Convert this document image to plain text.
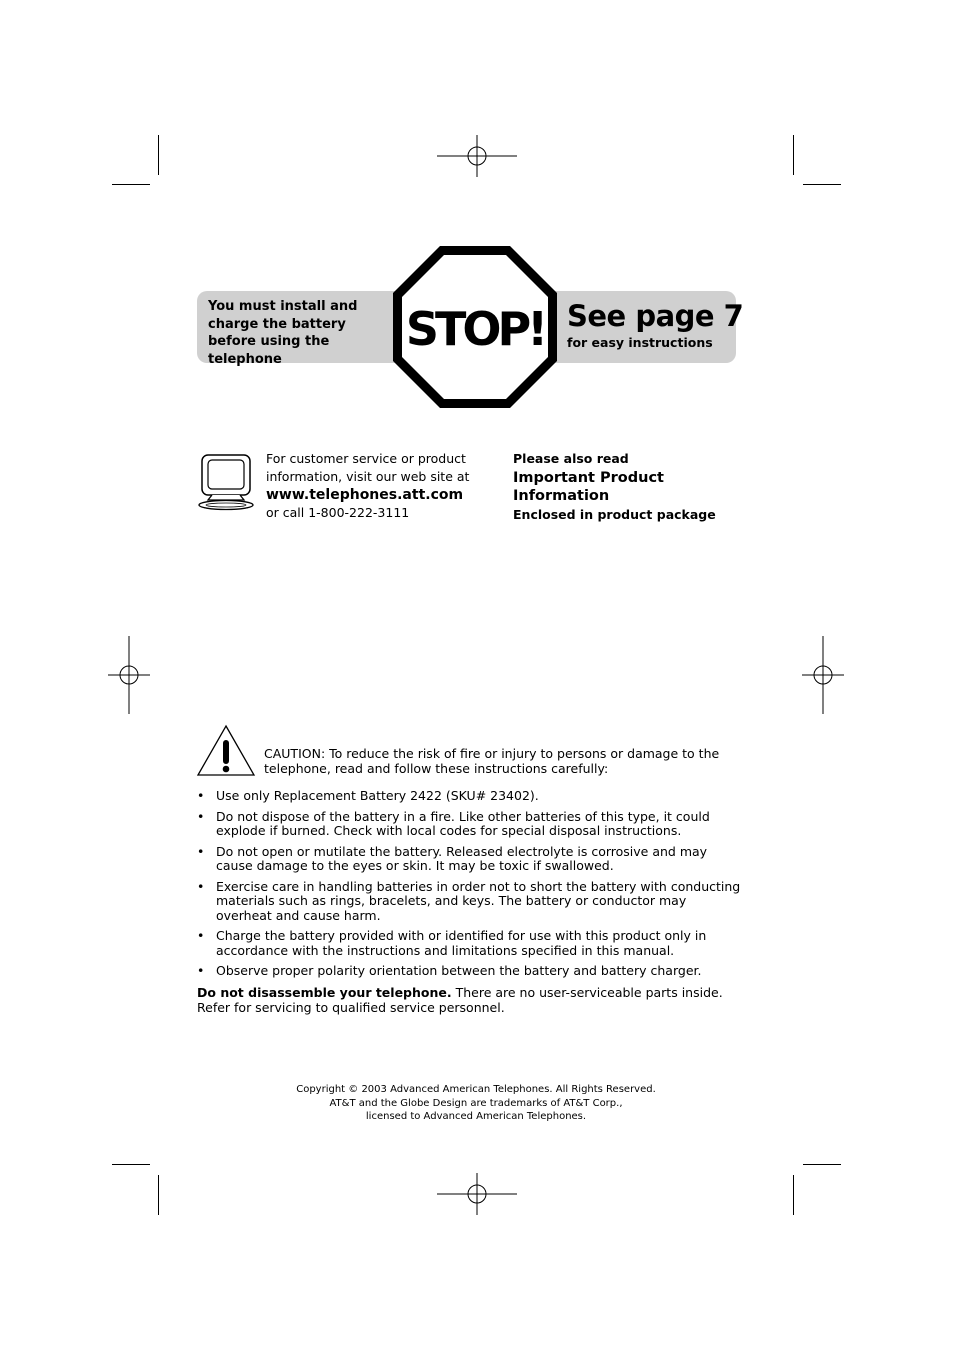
You must install and charge the battery before using the telephone
STOP! See page 7
for easy instructions
For customer service or product information, visit our web site at
www.telephones.att.com
or call 1-800-222-3111
Please also read
Important Product Information
Enclosed in product package
CAUTION: To reduce the risk of fire or injury to persons or damage to the telephone, read and follow these instructions carefully:
• Use only Replacement Battery 2422 (SKU# 23402).
• Do not dispose of the battery in a fire. Like other batteries of this type, it could explode if burned. Check with local codes for special disposal instructions.
• Do not open or mutilate the battery. Released electrolyte is corrosive and may cause damage to the eyes or skin. It may be toxic if swallowed.
• Exercise care in handling batteries in order not to short the battery with conducting materials such as rings, bracelets, and keys. The battery or conductor may overheat and cause harm.
• Charge the battery provided with or identified for use with this product only in accordance with the instructions and limitations specified in this manual.
• Observe proper polarity orientation between the battery and battery charger.
Do not disassemble your telephone. There are no user-serviceable parts inside. Refer for servicing to qualified service personnel.
Copyright © 2003 Advanced American Telephones. All Rights Reserved.
AT&T and the Globe Design are trademarks of AT&T Corp.,
licensed to Advanced American Telephones.
